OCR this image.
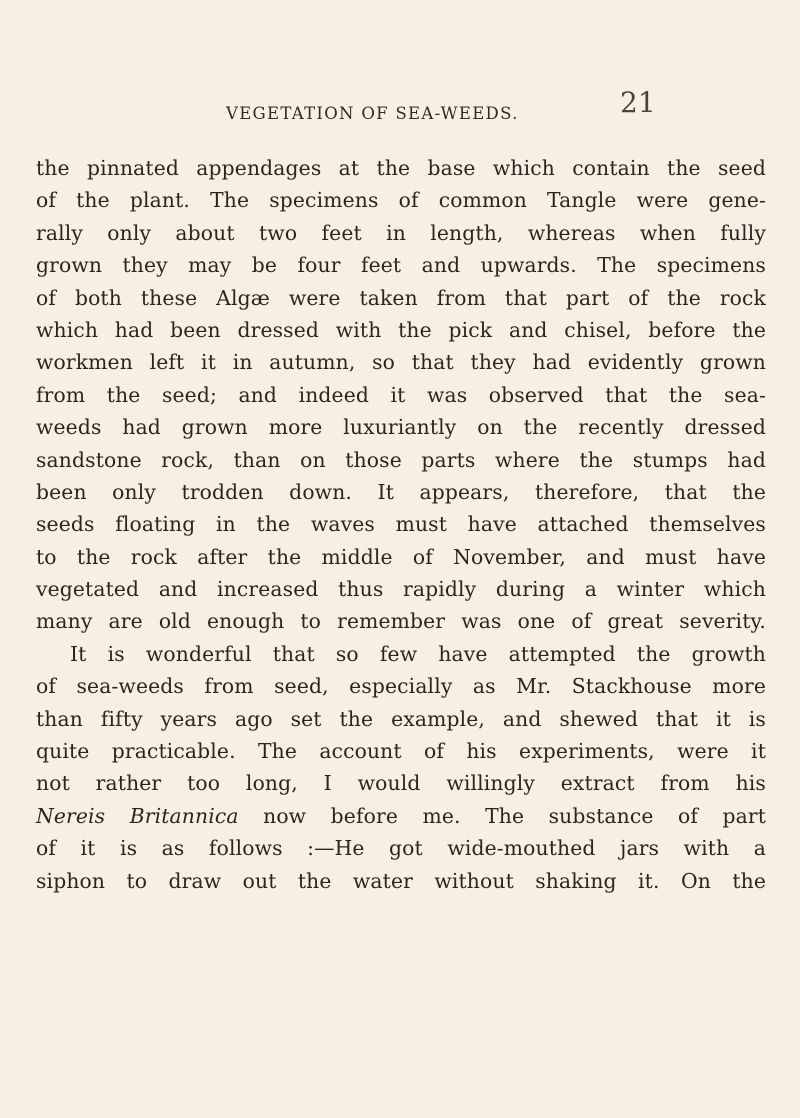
VEGETATION OF SEA-WEEDS.	21
the pinnated appendages at the base which contain the seed
of the plant. The specimens of common Tangle were gene-
rally only about two feet in length, whereas when fully
grown they may be four feet and upwards. The specimens
of both these Algæ were taken from that part of the rock
which had been dressed with the pick and chisel, before the
workmen left it in autumn, so that they had evidently grown
from the seed; and indeed it was observed that the sea-
weeds had grown more luxuriantly on the recently dressed
sandstone rock, than on those parts where the stumps had
been only trodden down. It appears, therefore, that the
seeds floating in the waves must have attached themselves
to the rock after the middle of November, and must have
vegetated and increased thus rapidly during a winter which
many are old enough to remember was one of great severity.
It is wonderful that so few have attempted the growth
of sea-weeds from seed, especially as Mr. Stackhouse more
than fifty years ago set the example, and shewed that it is
quite practicable. The account of his experiments, were it
not rather too long, I would willingly extract from his
Nereis Britannica now before me. The substance of part
of it is as follows :—He got wide-mouthed jars with a
siphon to draw out the water without shaking it. On the
